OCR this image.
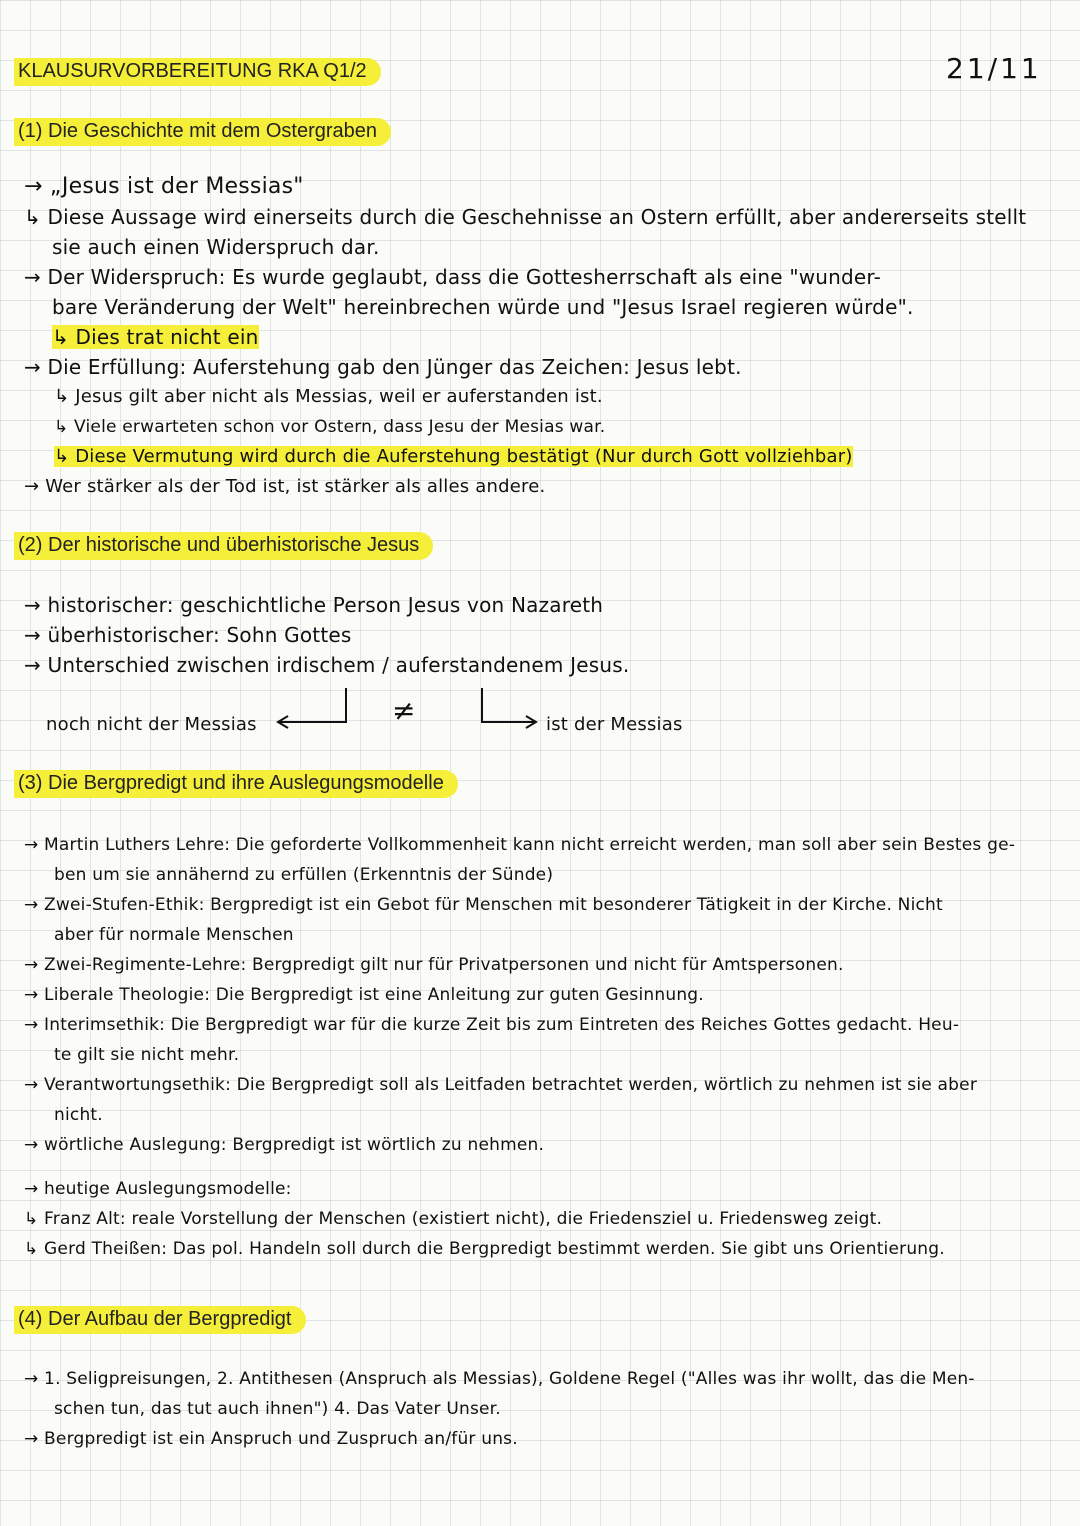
KLAUSURVORBEREITUNG RKA Q1/2	21/11
(1) Die Geschichte mit dem Ostergraben
→ „Jesus ist der Messias"
↳ Diese Aussage wird einerseits durch die Geschehnisse an Ostern erfüllt, aber andererseits stellt
sie auch einen Widerspruch dar.
→ Der Widerspruch: Es wurde geglaubt, dass die Gottesherrschaft als eine "wunder-
bare Veränderung der Welt" hereinbrechen würde und "Jesus Israel regieren würde".
↳ Dies trat nicht ein
→ Die Erfüllung: Auferstehung gab den Jünger das Zeichen: Jesus lebt.
↳ Jesus gilt aber nicht als Messias, weil er auferstanden ist.
↳ Viele erwarteten schon vor Ostern, dass Jesu der Mesias war.
↳ Diese Vermutung wird durch die Auferstehung bestätigt (Nur durch Gott vollziehbar)
→ Wer stärker als der Tod ist, ist stärker als alles andere.
(2) Der historische und überhistorische Jesus
→ historischer: geschichtliche Person Jesus von Nazareth
→ überhistorischer: Sohn Gottes
→ Unterschied zwischen irdischem / auferstandenem Jesus.
noch nicht der Messias	≠	ist der Messias
(3) Die Bergpredigt und ihre Auslegungsmodelle
→ Martin Luthers Lehre: Die geforderte Vollkommenheit kann nicht erreicht werden, man soll aber sein Bestes ge-
ben um sie annähernd zu erfüllen (Erkenntnis der Sünde)
→ Zwei-Stufen-Ethik: Bergpredigt ist ein Gebot für Menschen mit besonderer Tätigkeit in der Kirche. Nicht
aber für normale Menschen
→ Zwei-Regimente-Lehre: Bergpredigt gilt nur für Privatpersonen und nicht für Amtspersonen.
→ Liberale Theologie: Die Bergpredigt ist eine Anleitung zur guten Gesinnung.
→ Interimsethik: Die Bergpredigt war für die kurze Zeit bis zum Eintreten des Reiches Gottes gedacht. Heu-
te gilt sie nicht mehr.
→ Verantwortungsethik: Die Bergpredigt soll als Leitfaden betrachtet werden, wörtlich zu nehmen ist sie aber
nicht.
→ wörtliche Auslegung: Bergpredigt ist wörtlich zu nehmen.
→ heutige Auslegungsmodelle:
↳ Franz Alt: reale Vorstellung der Menschen (existiert nicht), die Friedensziel u. Friedensweg zeigt.
↳ Gerd Theißen: Das pol. Handeln soll durch die Bergpredigt bestimmt werden. Sie gibt uns Orientierung.
(4) Der Aufbau der Bergpredigt
→ 1. Seligpreisungen, 2. Antithesen (Anspruch als Messias), Goldene Regel ("Alles was ihr wollt, das die Men-
schen tun, das tut auch ihnen") 4. Das Vater Unser.
→ Bergpredigt ist ein Anspruch und Zuspruch an/für uns.
